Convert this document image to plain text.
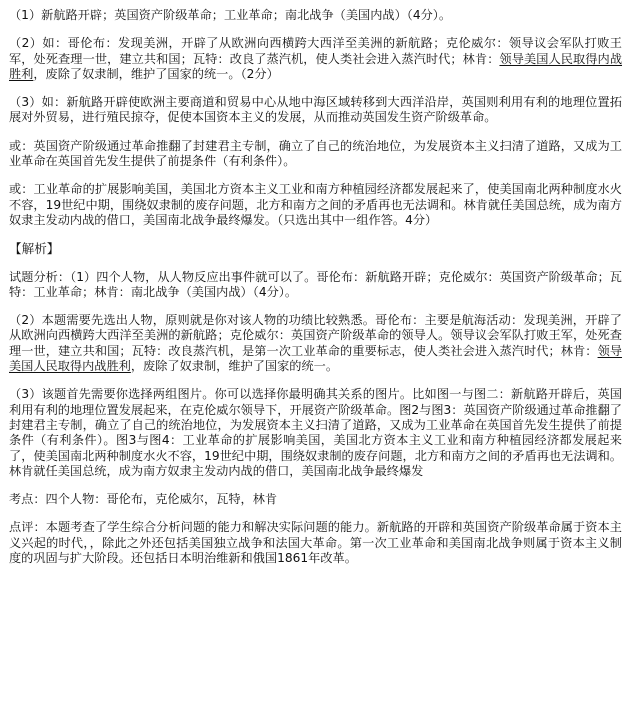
（1）新航路开辟；英国资产阶级革命；工业革命；南北战争（美国内战）（4分）。

（2）如：哥伦布：发现美洲，开辟了从欧洲向西横跨大西洋至美洲的新航路；克伦威尔：领导议会军队打败王军，处死查理一世，建立共和国；瓦特：改良了蒸汽机，使人类社会进入蒸汽时代；林肯：领导美国人民取得内战胜利，废除了奴隶制，维护了国家的统一。（2分）

（3）如：新航路开辟使欧洲主要商道和贸易中心从地中海区域转移到大西洋沿岸，英国则利用有利的地理位置拓展对外贸易，进行殖民掠夺，促使本国资本主义的发展，从而推动英国发生资产阶级革命。

或：英国资产阶级通过革命推翻了封建君主专制，确立了自己的统治地位，为发展资本主义扫清了道路，又成为工业革命在英国首先发生提供了前提条件（有利条件）。

或：工业革命的扩展影响美国，美国北方资本主义工业和南方种植园经济都发展起来了，使美国南北两种制度水火不容，19世纪中期，围绕奴隶制的废存问题，北方和南方之间的矛盾再也无法调和。林肯就任美国总统，成为南方奴隶主发动内战的借口，美国南北战争最终爆发。（只选出其中一组作答。4分）

【解析】

试题分析：（1）四个人物，从人物反应出事件就可以了。哥伦布：新航路开辟；克伦威尔：英国资产阶级革命；瓦特：工业革命；林肯：南北战争（美国内战）（4分）。

（2）本题需要先选出人物，原则就是你对该人物的功绩比较熟悉。哥伦布：主要是航海活动：发现美洲，开辟了从欧洲向西横跨大西洋至美洲的新航路；克伦威尔：英国资产阶级革命的领导人。领导议会军队打败王军，处死查理一世，建立共和国；瓦特：改良蒸汽机，是第一次工业革命的重要标志，使人类社会进入蒸汽时代；林肯：领导美国人民取得内战胜利，废除了奴隶制，维护了国家的统一。

（3）该题首先需要你选择两组图片。你可以选择你最明确其关系的图片。比如图一与图二：新航路开辟后，英国利用有利的地理位置发展起来，在克伦威尔领导下，开展资产阶级革命。图2与图3：英国资产阶级通过革命推翻了封建君主专制，确立了自己的统治地位，为发展资本主义扫清了道路，又成为工业革命在英国首先发生提供了前提条件（有利条件）。图3与图4：工业革命的扩展影响美国，美国北方资本主义工业和南方种植园经济都发展起来了，使美国南北两种制度水火不容，19世纪中期，围绕奴隶制的废存问题，北方和南方之间的矛盾再也无法调和。林肯就任美国总统，成为南方奴隶主发动内战的借口，美国南北战争最终爆发

考点：四个人物：哥伦布，克伦威尔，瓦特，林肯

点评：本题考查了学生综合分析问题的能力和解决实际问题的能力。新航路的开辟和英国资产阶级革命属于资本主义兴起的时代，，除此之外还包括美国独立战争和法国大革命。第一次工业革命和美国南北战争则属于资本主义制度的巩固与扩大阶段。还包括日本明治维新和俄国1861年改革。
